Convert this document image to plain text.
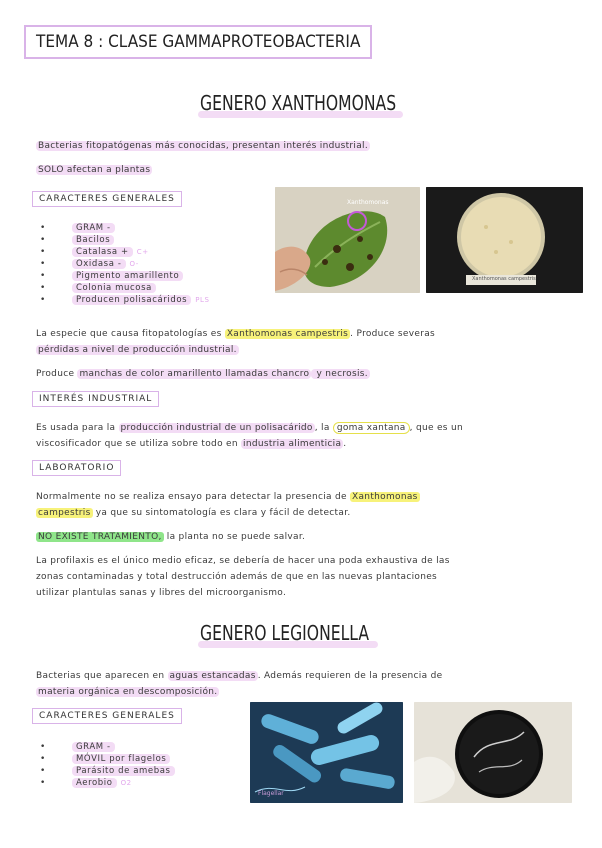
TEMA 8 : CLASE GAMMAPROTEOBACTERIA
GENERO XANTHOMONAS
Bacterias fitopatógenas más conocidas, presentan interés industrial.
SOLO afectan a plantas
CARACTERES GENERALES
• GRAM -
• Bacilos
• Catalasa + C+
• Oxidasa - O-
• Pigmento amarillento
• Colonia mucosa
• Producen polisacáridos PLS
Xanthomonas
Xanthomonas campestris
La especie que causa fitopatologías es Xanthomonas campestris . Produce severas
pérdidas a nivel de producción industrial.
Produce manchas de color amarillento llamadas chancro y necrosis.
INTERÉS INDUSTRIAL
Es usada para la producción industrial de un polisacárido , la goma xantana , que es un
viscosificador que se utiliza sobre todo en industria alimenticia .
LABORATORIO
Normalmente no se realiza ensayo para detectar la presencia de Xanthomonas
campestris ya que su sintomatología es clara y fácil de detectar.
NO EXISTE TRATAMIENTO, la planta no se puede salvar.
La profilaxis es el único medio eficaz, se debería de hacer una poda exhaustiva de las
zonas contaminadas y total destrucción además de que en las nuevas plantaciones
utilizar plantulas sanas y libres del microorganismo.
GENERO LEGIONELLA
Bacterias que aparecen en aguas estancadas . Además requieren de la presencia de
materia orgánica en descomposición.
CARACTERES GENERALES
• GRAM -
• MÓVIL por flagelos
• Parásito de amebas
• Aerobio O2
Flagellar
